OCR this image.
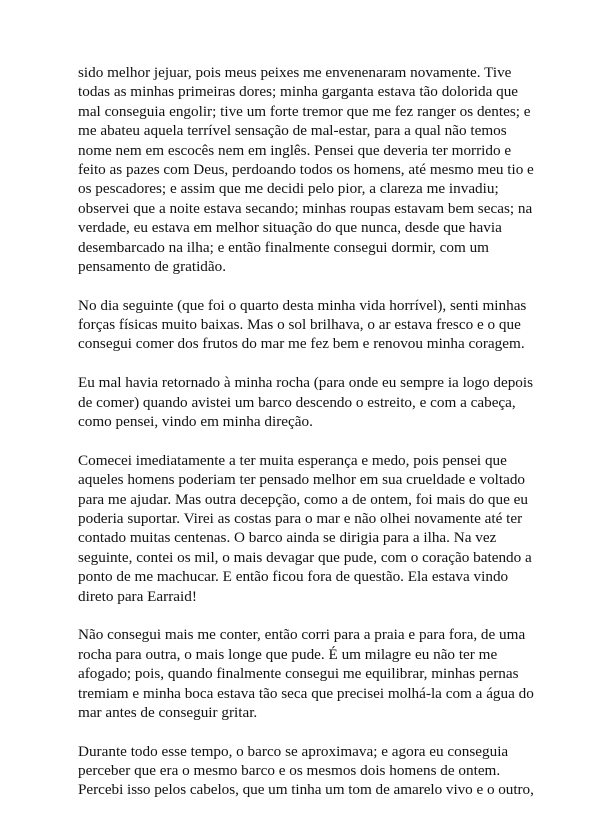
sido melhor jejuar, pois meus peixes me envenenaram novamente. Tive
todas as minhas primeiras dores; minha garganta estava tão dolorida que
mal conseguia engolir; tive um forte tremor que me fez ranger os dentes; e
me abateu aquela terrível sensação de mal-estar, para a qual não temos
nome nem em escocês nem em inglês. Pensei que deveria ter morrido e
feito as pazes com Deus, perdoando todos os homens, até mesmo meu tio e
os pescadores; e assim que me decidi pelo pior, a clareza me invadiu;
observei que a noite estava secando; minhas roupas estavam bem secas; na
verdade, eu estava em melhor situação do que nunca, desde que havia
desembarcado na ilha; e então finalmente consegui dormir, com um
pensamento de gratidão.

No dia seguinte (que foi o quarto desta minha vida horrível), senti minhas
forças físicas muito baixas. Mas o sol brilhava, o ar estava fresco e o que
consegui comer dos frutos do mar me fez bem e renovou minha coragem.

Eu mal havia retornado à minha rocha (para onde eu sempre ia logo depois
de comer) quando avistei um barco descendo o estreito, e com a cabeça,
como pensei, vindo em minha direção.

Comecei imediatamente a ter muita esperança e medo, pois pensei que
aqueles homens poderiam ter pensado melhor em sua crueldade e voltado
para me ajudar. Mas outra decepção, como a de ontem, foi mais do que eu
poderia suportar. Virei as costas para o mar e não olhei novamente até ter
contado muitas centenas. O barco ainda se dirigia para a ilha. Na vez
seguinte, contei os mil, o mais devagar que pude, com o coração batendo a
ponto de me machucar. E então ficou fora de questão. Ela estava vindo
direto para Earraid!

Não consegui mais me conter, então corri para a praia e para fora, de uma
rocha para outra, o mais longe que pude. É um milagre eu não ter me
afogado; pois, quando finalmente consegui me equilibrar, minhas pernas
tremiam e minha boca estava tão seca que precisei molhá-la com a água do
mar antes de conseguir gritar.

Durante todo esse tempo, o barco se aproximava; e agora eu conseguia
perceber que era o mesmo barco e os mesmos dois homens de ontem.
Percebi isso pelos cabelos, que um tinha um tom de amarelo vivo e o outro,
